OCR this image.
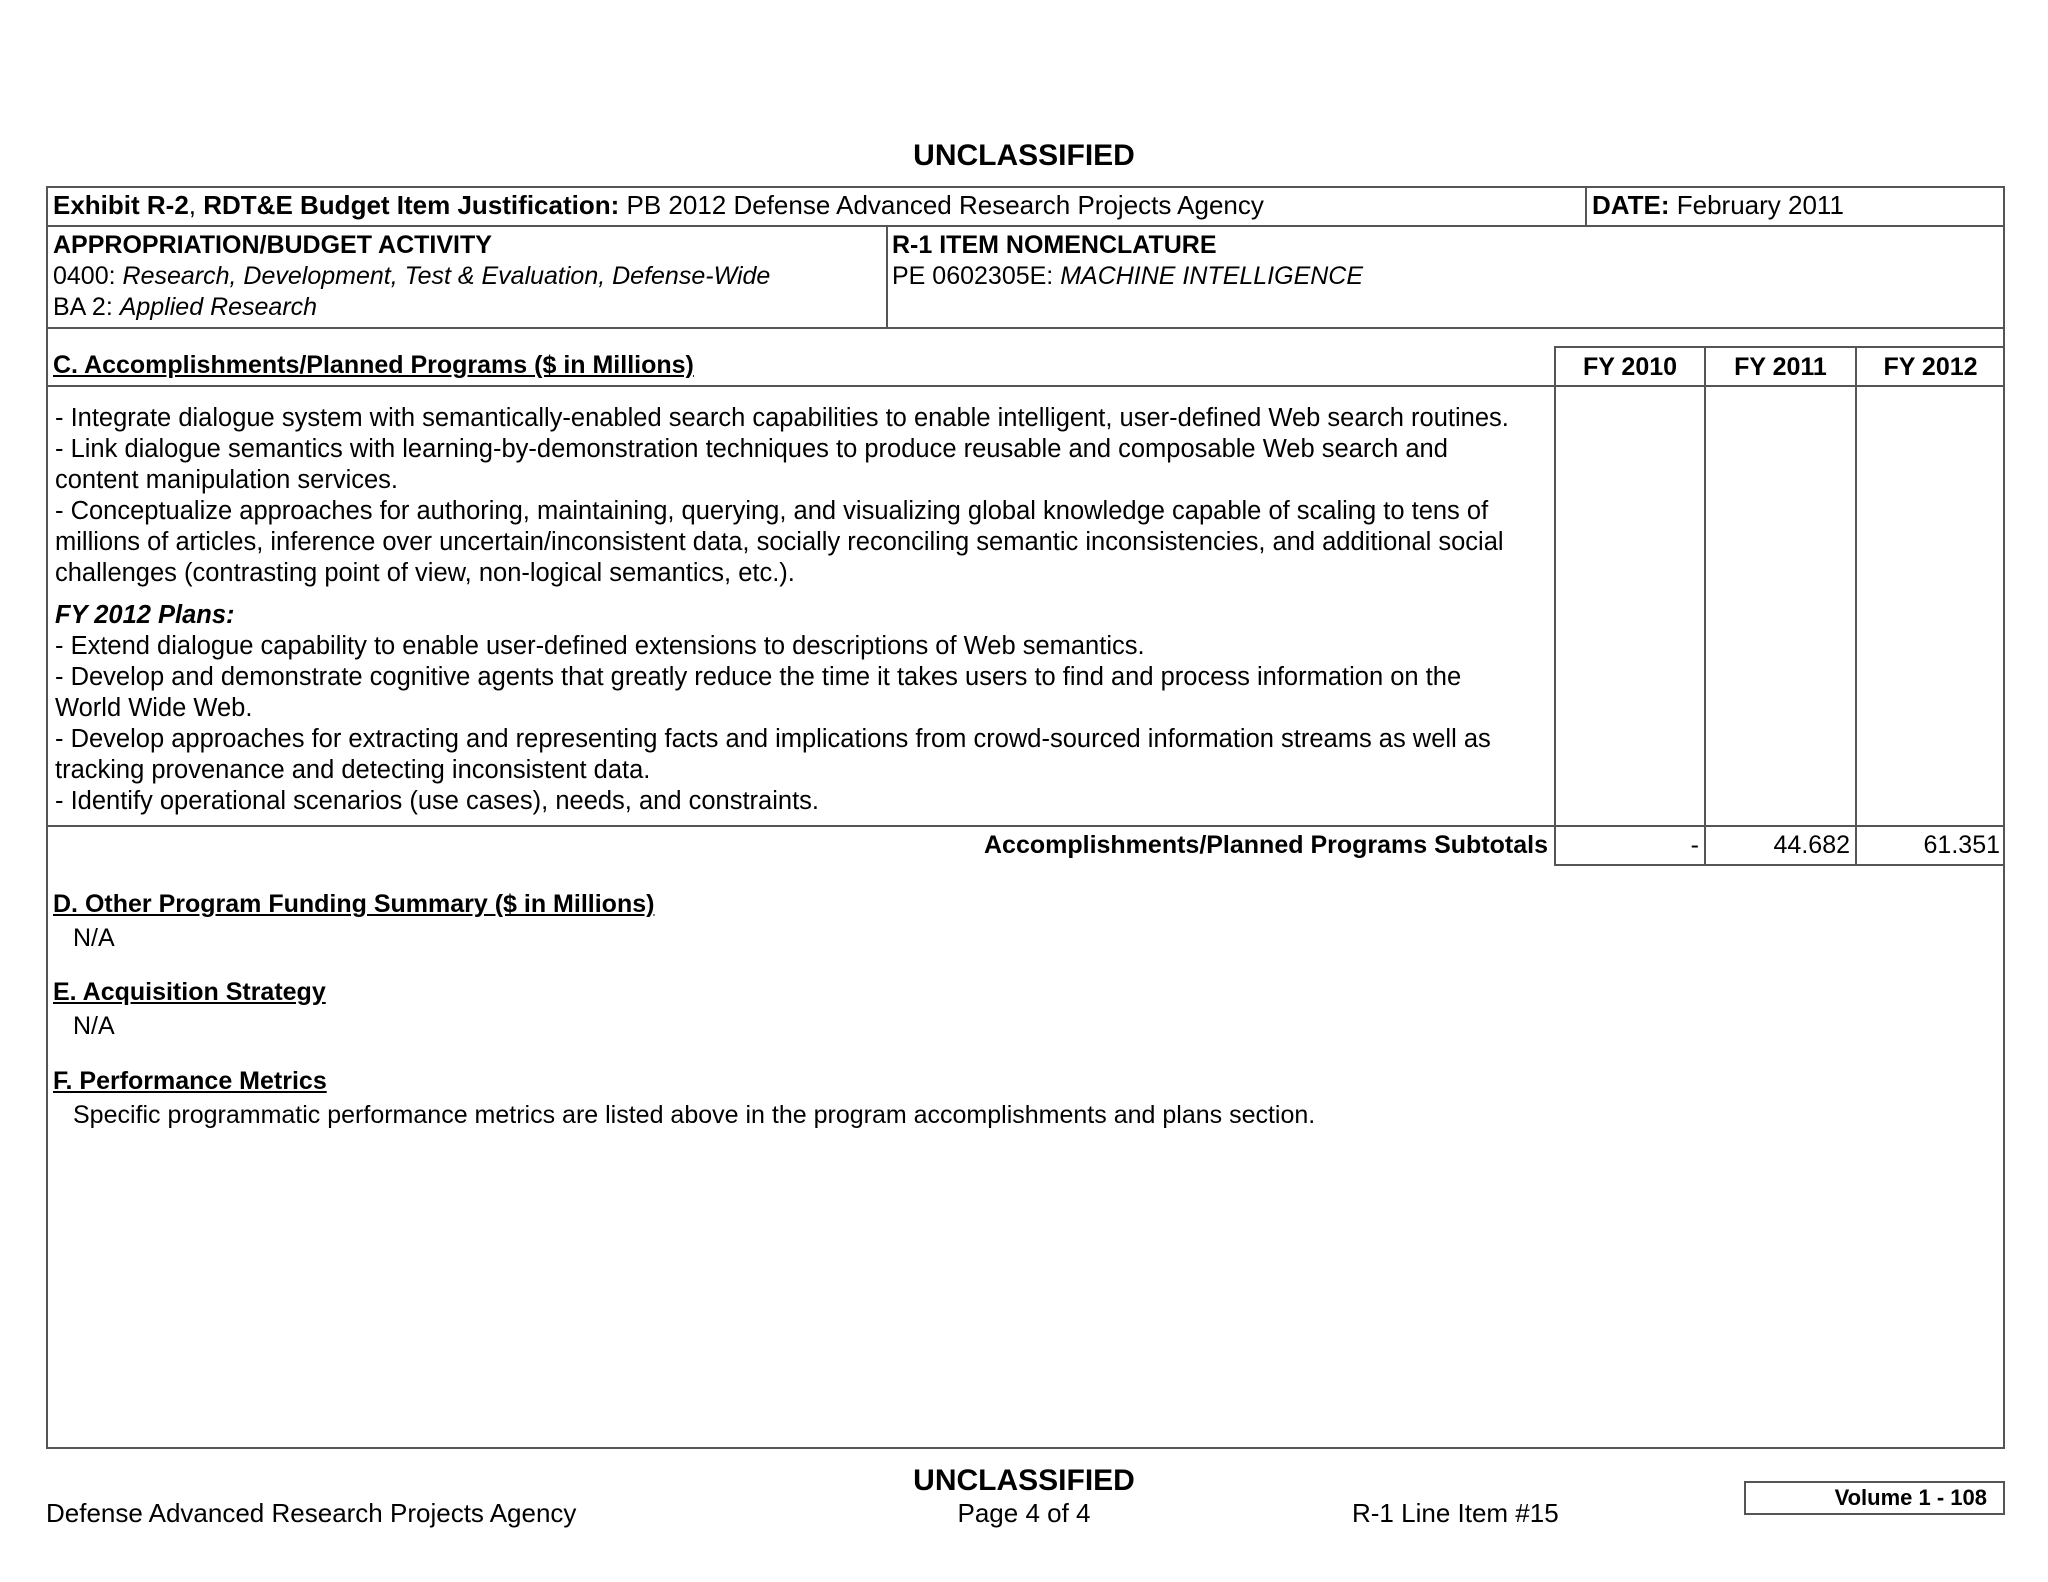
UNCLASSIFIED
Exhibit R-2, RDT&E Budget Item Justification: PB 2012 Defense Advanced Research Projects Agency	DATE: February 2011
APPROPRIATION/BUDGET ACTIVITY
0400: Research, Development, Test & Evaluation, Defense-Wide
BA 2: Applied Research
R-1 ITEM NOMENCLATURE
PE 0602305E: MACHINE INTELLIGENCE
C. Accomplishments/Planned Programs ($ in Millions)	FY 2010	FY 2011	FY 2012
- Integrate dialogue system with semantically-enabled search capabilities to enable intelligent, user-defined Web search routines.
- Link dialogue semantics with learning-by-demonstration techniques to produce reusable and composable Web search and
content manipulation services.
- Conceptualize approaches for authoring, maintaining, querying, and visualizing global knowledge capable of scaling to tens of
millions of articles, inference over uncertain/inconsistent data, socially reconciling semantic inconsistencies, and additional social
challenges (contrasting point of view, non-logical semantics, etc.).
FY 2012 Plans:
- Extend dialogue capability to enable user-defined extensions to descriptions of Web semantics.
- Develop and demonstrate cognitive agents that greatly reduce the time it takes users to find and process information on the
World Wide Web.
- Develop approaches for extracting and representing facts and implications from crowd-sourced information streams as well as
tracking provenance and detecting inconsistent data.
- Identify operational scenarios (use cases), needs, and constraints.
Accomplishments/Planned Programs Subtotals	-	44.682	61.351
D. Other Program Funding Summary ($ in Millions)
N/A
E. Acquisition Strategy
N/A
F. Performance Metrics
Specific programmatic performance metrics are listed above in the program accomplishments and plans section.
UNCLASSIFIED
Defense Advanced Research Projects Agency	Page 4 of 4	R-1 Line Item #15
Volume 1 - 108
